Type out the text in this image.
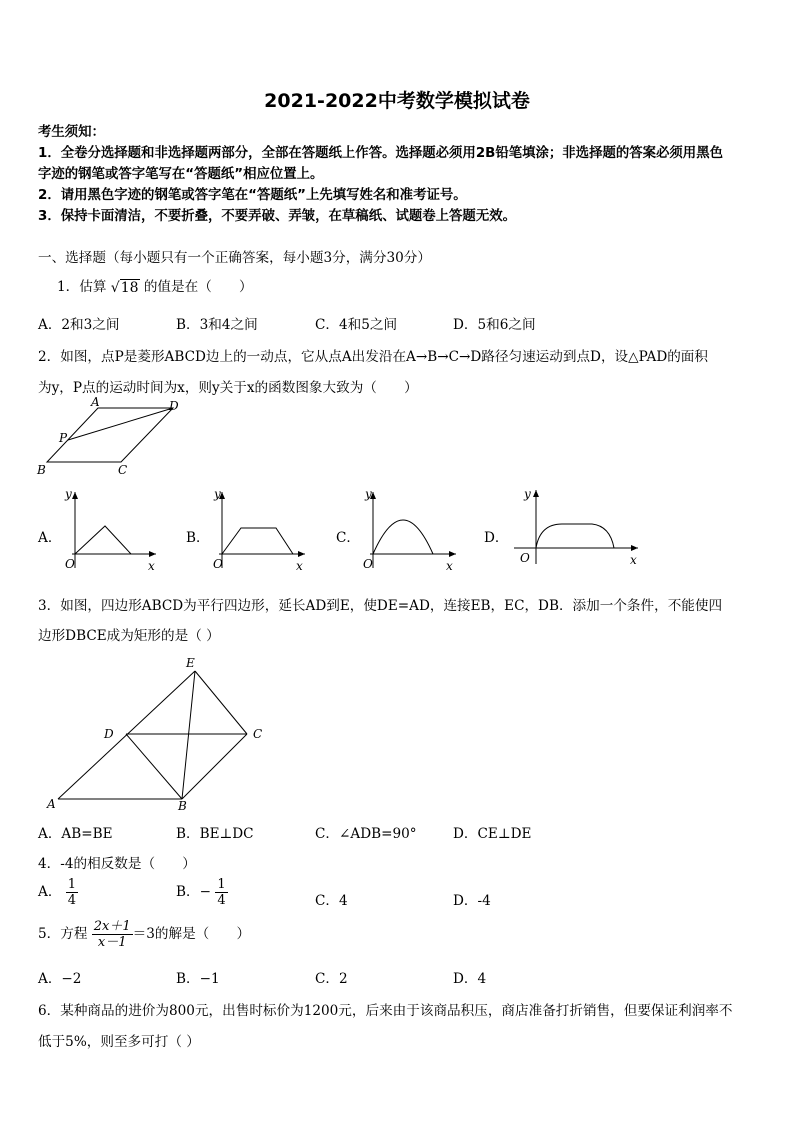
2021-2022中考数学模拟试卷
考生须知：
1．全卷分选择题和非选择题两部分，全部在答题纸上作答。选择题必须用2B铅笔填涂；非选择题的答案必须用黑色
字迹的钢笔或答字笔写在“答题纸”相应位置上。
2．请用黑色字迹的钢笔或答字笔在“答题纸”上先填写姓名和准考证号。
3．保持卡面清洁，不要折叠，不要弄破、弄皱，在草稿纸、试题卷上答题无效。
一、选择题（每小题只有一个正确答案，每小题3分，满分30分）
1．估算 √18 的值是在（　　）
A．2和3之间	B．3和4之间	C．4和5之间	D．5和6之间
2．如图，点P是菱形ABCD边上的一动点，它从点A出发沿在A→B→C→D路径匀速运动到点D，设△PAD的面积
为y，P点的运动时间为x，则y关于x的函数图象大致为（　　）
A	D
P
B	C
A．	B．	C．	D．
y
O	x
y
O	x
y
O	x
y
O	x
3．如图，四边形ABCD为平行四边形，延长AD到E，使DE=AD，连接EB，EC，DB．添加一个条件，不能使四
边形DBCE成为矩形的是（ ）
E
D	C
A	B
A．AB=BE	B．BE⊥DC	C．∠ADB=90°	D．CE⊥DE
4．-4的相反数是（　　）
A． $\frac{1}{4}$	B．− $\frac{1}{4}$	C．4	D．-4
5．方程 $\frac{2x+1}{x-1} =3$的解是（　　）
A．−2	B．−1	C．2	D．4
6．某种商品的进价为800元，出售时标价为1200元，后来由于该商品积压，商店准备打折销售，但要保证利润率不
低于5%，则至多可打（ ）
